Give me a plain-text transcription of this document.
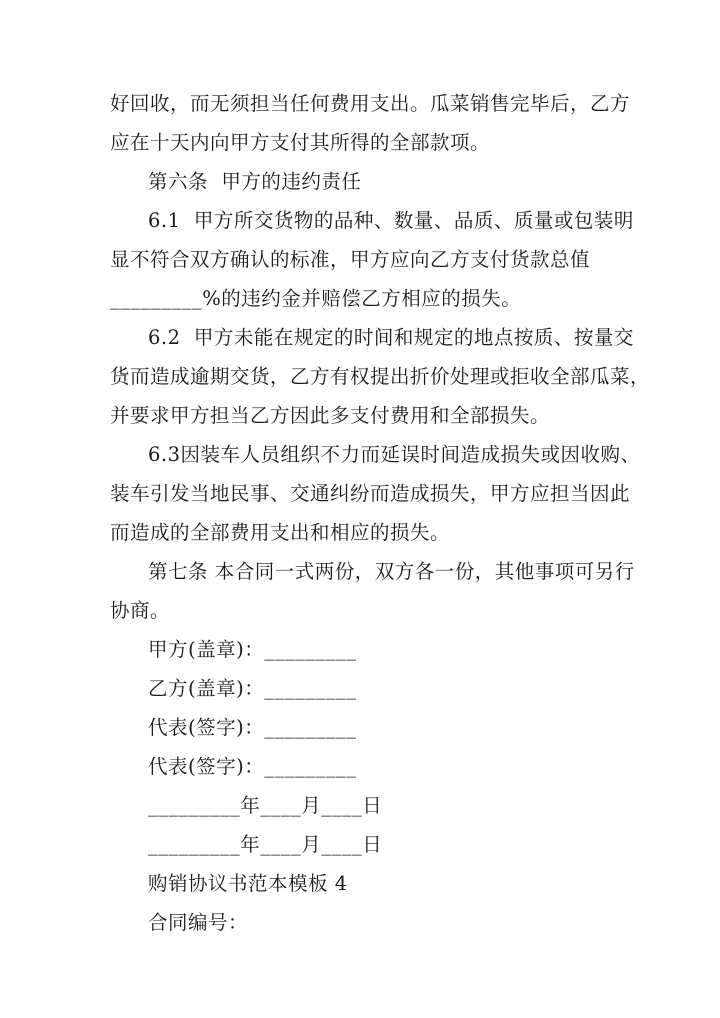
好回收，而无须担当任何费用支出。瓜菜销售完毕后，乙方
应在十天内向甲方支付其所得的全部款项。
第六条  甲方的违约责任
6.1  甲方所交货物的品种、数量、品质、质量或包装明
显不符合双方确认的标准，甲方应向乙方支付货款总值
_________%的违约金并赔偿乙方相应的损失。
6.2  甲方未能在规定的时间和规定的地点按质、按量交
货而造成逾期交货，乙方有权提出折价处理或拒收全部瓜菜，
并要求甲方担当乙方因此多支付费用和全部损失。
6.3因装车人员组织不力而延误时间造成损失或因收购、
装车引发当地民事、交通纠纷而造成损失，甲方应担当因此
而造成的全部费用支出和相应的损失。
第七条 本合同一式两份，双方各一份，其他事项可另行
协商。
甲方(盖章)：_________
乙方(盖章)：_________
代表(签字)：_________
代表(签字)：_________
_________年____月____日
_________年____月____日
购销协议书范本模板 4
合同编号：
